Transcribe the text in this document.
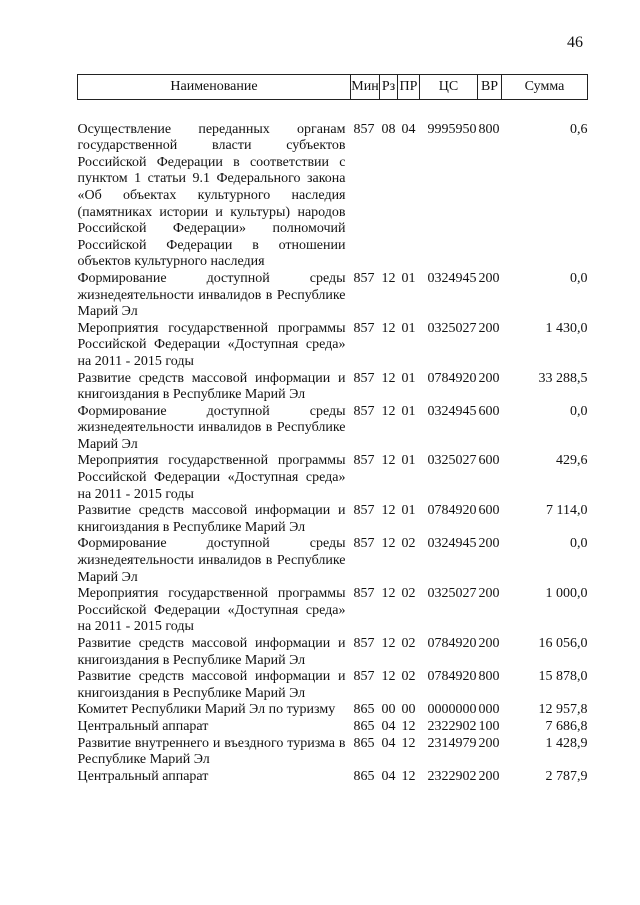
46
Наименование	Мин	Рз	ПР	ЦС	ВР	Сумма
Осуществление переданных органам государственной власти субъектов Российской Федерации в соответствии с пунктом 1 статьи 9.1 Федерального закона «Об объектах культурного наследия (памятниках истории и культуры) народов Российской Федерации» полномочий Российской Федерации в отношении объектов культурного наследия	857	08	04	9995950	800	0,6
Формирование доступной среды жизнедеятельности инвалидов в Республике Марий Эл	857	12	01	0324945	200	0,0
Мероприятия государственной программы Российской Федерации «Доступная среда» на 2011 - 2015 годы	857	12	01	0325027	200	1 430,0
Развитие средств массовой информации и книгоиздания в Республике Марий Эл	857	12	01	0784920	200	33 288,5
Формирование доступной среды жизнедеятельности инвалидов в Республике Марий Эл	857	12	01	0324945	600	0,0
Мероприятия государственной программы Российской Федерации «Доступная среда» на 2011 - 2015 годы	857	12	01	0325027	600	429,6
Развитие средств массовой информации и книгоиздания в Республике Марий Эл	857	12	01	0784920	600	7 114,0
Формирование доступной среды жизнедеятельности инвалидов в Республике Марий Эл	857	12	02	0324945	200	0,0
Мероприятия государственной программы Российской Федерации «Доступная среда» на 2011 - 2015 годы	857	12	02	0325027	200	1 000,0
Развитие средств массовой информации и книгоиздания в Республике Марий Эл	857	12	02	0784920	200	16 056,0
Развитие средств массовой информации и книгоиздания в Республике Марий Эл	857	12	02	0784920	800	15 878,0
Комитет Республики Марий Эл по туризму	865	00	00	0000000	000	12 957,8
Центральный аппарат	865	04	12	2322902	100	7 686,8
Развитие внутреннего и въездного туризма в Республике Марий Эл	865	04	12	2314979	200	1 428,9
Центральный аппарат	865	04	12	2322902	200	2 787,9
